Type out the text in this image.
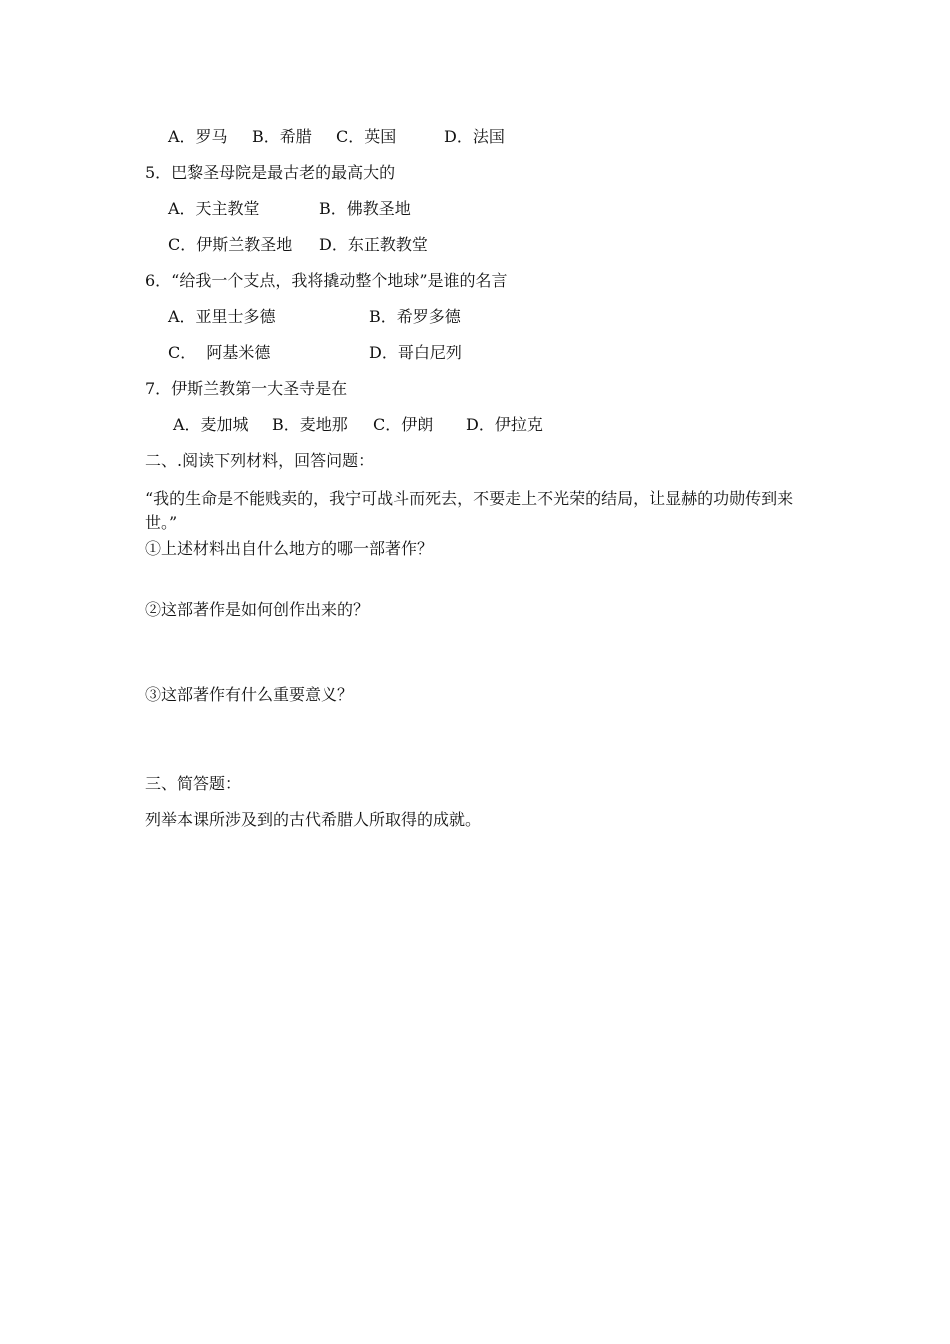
A．罗马 B．希腊 C．英国	D．法国
5．巴黎圣母院是最古老的最高大的
A．天主教堂	B．佛教圣地
C．伊斯兰教圣地 D．东正教教堂
6．“给我一个支点，我将撬动整个地球”是谁的名言
A．亚里士多德	B．希罗多德
C．  阿基米德	D．哥白尼列
7．伊斯兰教第一大圣寺是在
A．麦加城 B．麦地那 C．伊朗 D．伊拉克
二、.阅读下列材料，回答问题：
“我的生命是不能贱卖的，我宁可战斗而死去，不要走上不光荣的结局，让显赫的功勋传到来世。”
①上述材料出自什么地方的哪一部著作？
②这部著作是如何创作出来的？
③这部著作有什么重要意义？
三、简答题：
列举本课所涉及到的古代希腊人所取得的成就。
